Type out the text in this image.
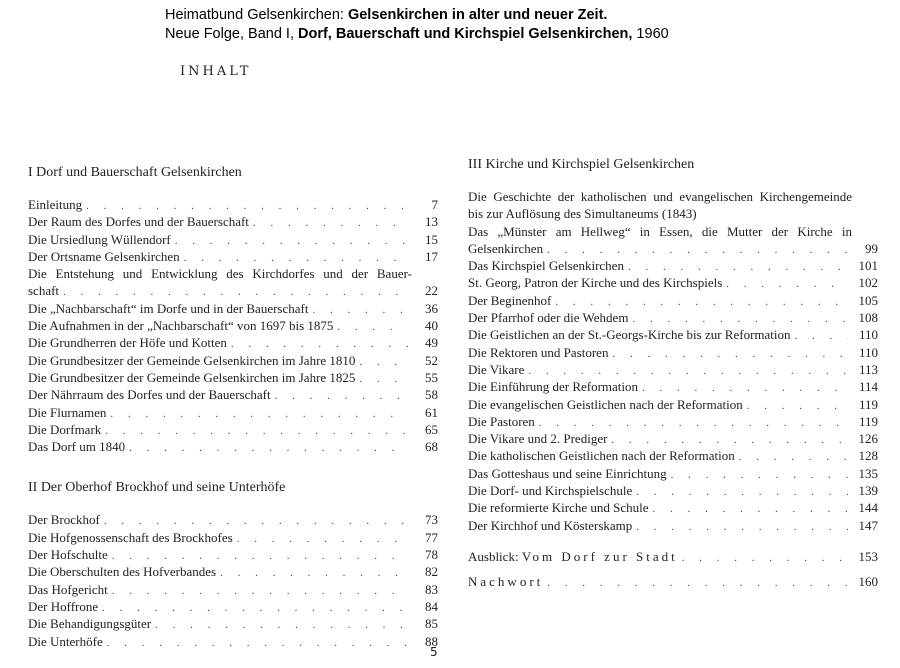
Heimatbund Gelsenkirchen: Gelsenkirchen in alter und neuer Zeit.
Neue Folge, Band I, Dorf, Bauerschaft und Kirchspiel Gelsenkirchen, 1960
INHALT
I Dorf und Bauerschaft Gelsenkirchen
Einleitung . . .	7
Der Raum des Dorfes und der Bauerschaft . . .	13
Die Ursiedlung Wüllendorf . . .	15
Der Ortsname Gelsenkirchen . . .	17
Die Entstehung und Entwicklung des Kirchdorfes und der Bauer-
schaft . . .	22
Die „Nachbarschaft“ im Dorfe und in der Bauerschaft . . .	36
Die Aufnahmen in der „Nachbarschaft“ von 1697 bis 1875 . . .	40
Die Grundherren der Höfe und Kotten . . .	49
Die Grundbesitzer der Gemeinde Gelsenkirchen im Jahre 1810 . . .	52
Die Grundbesitzer der Gemeinde Gelsenkirchen im Jahre 1825 . . .	55
Der Nährraum des Dorfes und der Bauerschaft . . .	58
Die Flurnamen . . .	61
Die Dorfmark . . .	65
Das Dorf um 1840 . . .	68
II Der Oberhof Brockhof und seine Unterhöfe
Der Brockhof . . .	73
Die Hofgenossenschaft des Brockhofes . . .	77
Der Hofschulte . . .	78
Die Oberschulten des Hofverbandes . . .	82
Das Hofgericht . . .	83
Der Hoffrone . . .	84
Die Behandigungsgüter . . .	85
Die Unterhöfe . . .	88
III Kirche und Kirchspiel Gelsenkirchen
Die Geschichte der katholischen und evangelischen Kirchengemeinde
bis zur Auflösung des Simultaneums (1843)
Das „Münster am Hellweg“ in Essen, die Mutter der Kirche in
Gelsenkirchen . . .	99
Das Kirchspiel Gelsenkirchen . . .	101
St. Georg, Patron der Kirche und des Kirchspiels . . .	102
Der Beginenhof . . .	105
Der Pfarrhof oder die Wehdem . . .	108
Die Geistlichen an der St.-Georgs-Kirche bis zur Reformation . . .	110
Die Rektoren und Pastoren . . .	110
Die Vikare . . .	113
Die Einführung der Reformation . . .	114
Die evangelischen Geistlichen nach der Reformation . . .	119
Die Pastoren . . .	119
Die Vikare und 2. Prediger . . .	126
Die katholischen Geistlichen nach der Reformation . . .	128
Das Gotteshaus und seine Einrichtung . . .	135
Die Dorf- und Kirchspielschule . . .	139
Die reformierte Kirche und Schule . . .	144
Der Kirchhof und Kösterskamp . . .	147
Ausblick: Vom Dorf zur Stadt . . .	153
Nachwort . . .	160
5
